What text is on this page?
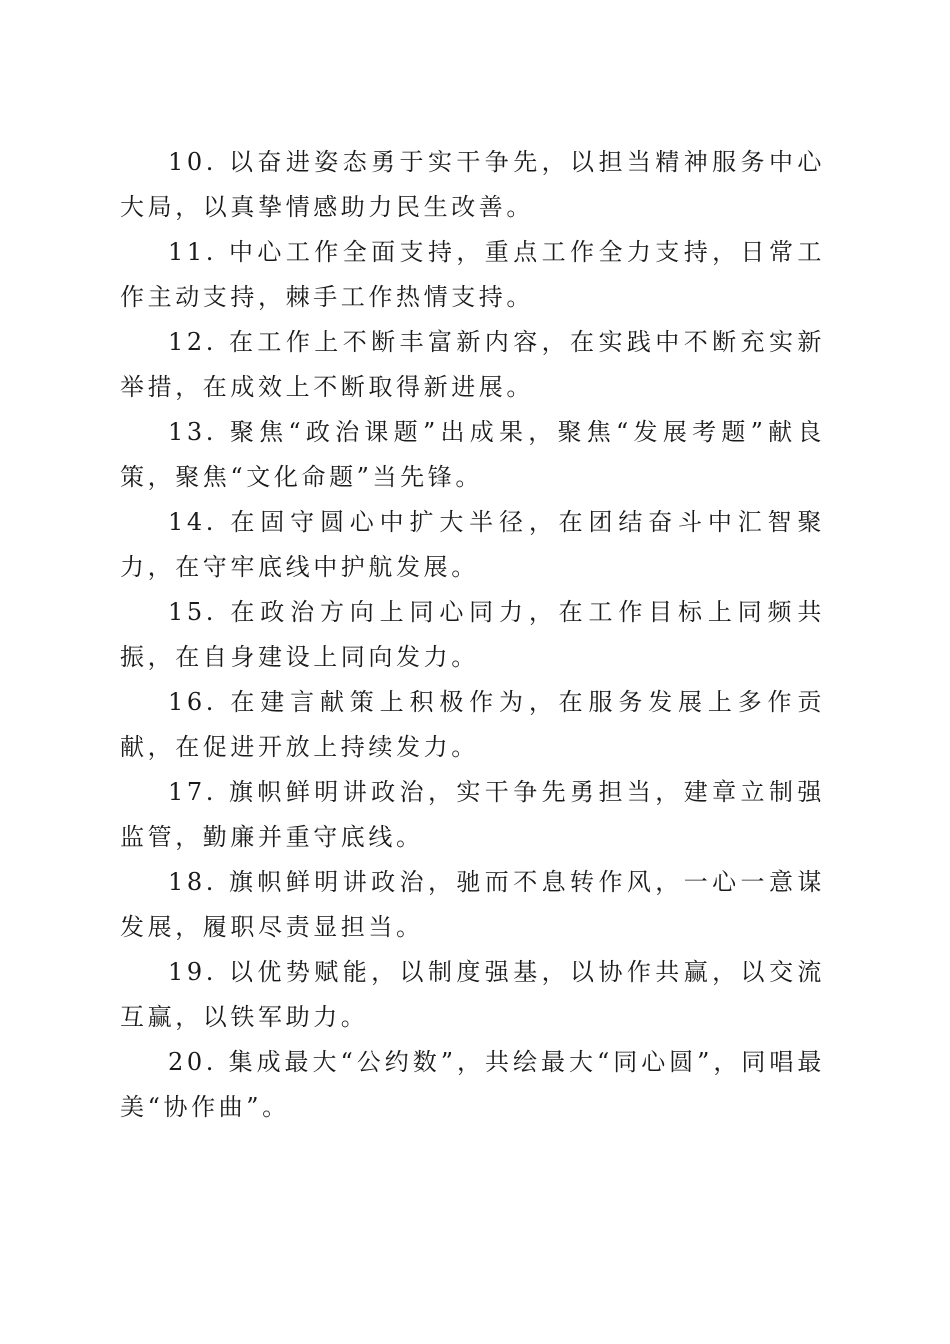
10. 以奋进姿态勇于实干争先，以担当精神服务中心大局，以真挚情感助力民生改善。

11. 中心工作全面支持，重点工作全力支持，日常工作主动支持，棘手工作热情支持。

12. 在工作上不断丰富新内容，在实践中不断充实新举措，在成效上不断取得新进展。

13. 聚焦“政治课题”出成果，聚焦“发展考题”献良策，聚焦“文化命题”当先锋。

14. 在固守圆心中扩大半径，在团结奋斗中汇智聚力，在守牢底线中护航发展。

15. 在政治方向上同心同力，在工作目标上同频共振，在自身建设上同向发力。

16. 在建言献策上积极作为，在服务发展上多作贡献，在促进开放上持续发力。

17. 旗帜鲜明讲政治，实干争先勇担当，建章立制强监管，勤廉并重守底线。

18. 旗帜鲜明讲政治，驰而不息转作风，一心一意谋发展，履职尽责显担当。

19. 以优势赋能，以制度强基，以协作共赢，以交流互赢，以铁军助力。

20. 集成最大“公约数”，共绘最大“同心圆”，同唱最美“协作曲”。
